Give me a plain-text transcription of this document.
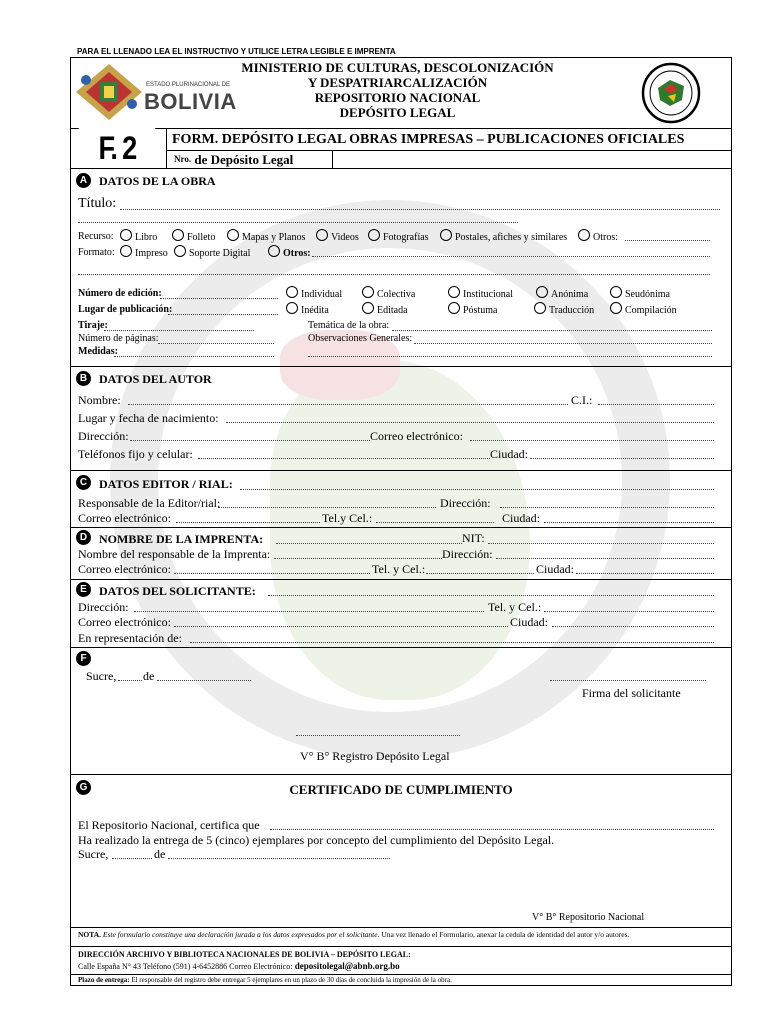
PARA EL LLENADO LEA EL INSTRUCTIVO Y UTILICE LETRA LEGIBLE E IMPRENTA
ESTADO PLURINACIONAL DE
BOLIVIA
MINISTERIO DE CULTURAS, DESCOLONIZACIÓN
Y DESPATRIARCALIZACIÓN
REPOSITORIO NACIONAL
DEPÓSITO LEGAL
F. 2	FORM. DEPÓSITO LEGAL OBRAS IMPRESAS – PUBLICACIONES OFICIALES
Nro. de Depósito Legal
A DATOS DE LA OBRA
Título:
Recurso:	Libro	Folleto	Mapas y Planos	Videos	Fotografías	Postales, afiches y similares	Otros:
Formato:	Impreso	Soporte Digital	Otros:
Número de edición:
Lugar de publicación:
Individual	Colectiva	Institucional	Anónima	Seudónima
Inédita	Editada	Póstuma	Traducción	Compilación
Tiraje:
Número de páginas:
Medidas:
Temática de la obra:
Observaciones Generales:
B DATOS DEL AUTOR
Nombre:	C.I.:
Lugar y fecha de nacimiento:
Dirección:	Correo electrónico:
Teléfonos fijo y celular:	Ciudad:
C DATOS EDITOR / RIAL:
Responsable de la Editor/rial:	Dirección:
Correo electrónico:	Tel.y Cel.:	Ciudad:
D NOMBRE DE LA IMPRENTA:	NIT:
Nombre del responsable de la Imprenta:	Dirección:
Correo electrónico:	Tel. y Cel.:	Ciudad:
E	DATOS DEL SOLICITANTE:
Dirección:	Tel. y Cel.:
Correo electrónico:	Ciudad:
En representación de:
F
Sucre, de
Firma del solicitante
V° B° Registro Depósito Legal
G	CERTIFICADO DE CUMPLIMIENTO
El Repositorio Nacional, certifica que
Ha realizado la entrega de 5 (cinco) ejemplares por concepto del cumplimiento del Depósito Legal.
Sucre,	de
V° B° Repositorio Nacional
NOTA. Este formulario constituye una declaración jurada a los datos expresados por el solicitante. Una vez llenado el Formulario, anexar la cedula de identidad del autor y/o autores.
DIRECCIÓN ARCHIVO Y BIBLIOTECA NACIONALES DE BOLIVIA – DEPÓSITO LEGAL:
Calle España N° 43 Teléfono (591) 4-6452886 Correo Electrónico: depositolegal@abnb.org.bo
Plazo de entrega: El responsable del registro debe entregar 5 ejemplares en un plazo de 30 días de concluida la impresión de la obra.
